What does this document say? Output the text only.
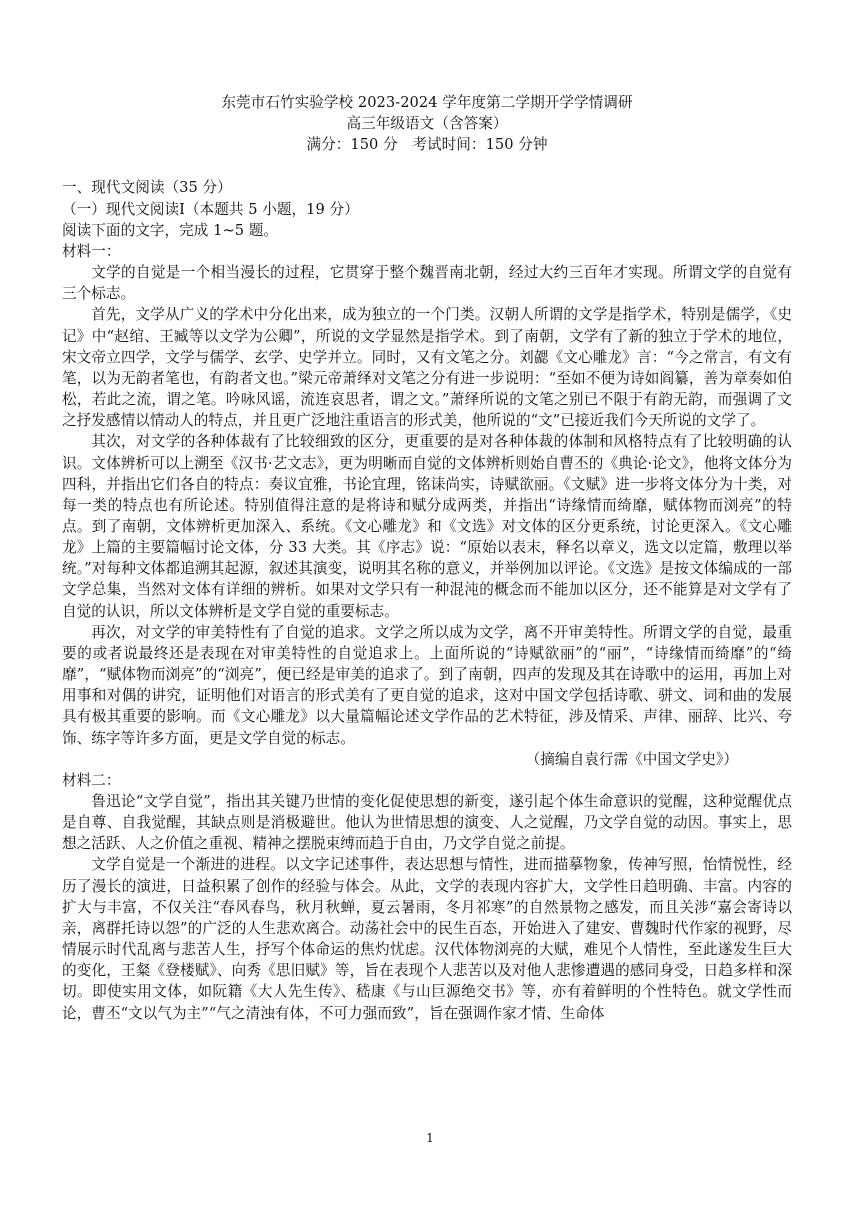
东莞市石竹实验学校 2023-2024 学年度第二学期开学学情调研

高三年级语文（含答案）

满分：150 分　考试时间：150 分钟

一、现代文阅读（35 分）

（一）现代文阅读Ⅰ（本题共 5 小题，19 分）

阅读下面的文字，完成 1~5 题。

材料一：

文学的自觉是一个相当漫长的过程，它贯穿于整个魏晋南北朝，经过大约三百年才实现。所谓文学的自觉有三个标志。

首先，文学从广义的学术中分化出来，成为独立的一个门类。汉朝人所谓的文学是指学术，特别是儒学，《史记》中“赵绾、王臧等以文学为公卿”，所说的文学显然是指学术。到了南朝，文学有了新的独立于学术的地位，宋文帝立四学，文学与儒学、玄学、史学并立。同时，又有文笔之分。刘勰《文心雕龙》言：“今之常言，有文有笔，以为无韵者笔也，有韵者文也。”梁元帝萧绎对文笔之分有进一步说明：“至如不便为诗如阎纂，善为章奏如伯松，若此之流，谓之笔。吟咏风谣，流连哀思者，谓之文。”萧绎所说的文笔之别已不限于有韵无韵，而强调了文之抒发感情以情动人的特点，并且更广泛地注重语言的形式美，他所说的“文”已接近我们今天所说的文学了。

其次，对文学的各种体裁有了比较细致的区分，更重要的是对各种体裁的体制和风格特点有了比较明确的认识。文体辨析可以上溯至《汉书·艺文志》，更为明晰而自觉的文体辨析则始自曹丕的《典论·论文》，他将文体分为四科，并指出它们各自的特点：奏议宜雅，书论宜理，铭诔尚实，诗赋欲丽。《文赋》进一步将文体分为十类，对每一类的特点也有所论述。特别值得注意的是将诗和赋分成两类，并指出“诗缘情而绮靡，赋体物而浏亮”的特点。到了南朝，文体辨析更加深入、系统。《文心雕龙》和《文选》对文体的区分更系统，讨论更深入。《文心雕龙》上篇的主要篇幅讨论文体，分 33 大类。其《序志》说：“原始以表末，释名以章义，选文以定篇，敷理以举统。”对每种文体都追溯其起源，叙述其演变，说明其名称的意义，并举例加以评论。《文选》是按文体编成的一部文学总集，当然对文体有详细的辨析。如果对文学只有一种混沌的概念而不能加以区分，还不能算是对文学有了自觉的认识，所以文体辨析是文学自觉的重要标志。

再次，对文学的审美特性有了自觉的追求。文学之所以成为文学，离不开审美特性。所谓文学的自觉，最重要的或者说最终还是表现在对审美特性的自觉追求上。上面所说的“诗赋欲丽”的“丽”，“诗缘情而绮靡”的“绮靡”，“赋体物而浏亮”的“浏亮”，便已经是审美的追求了。到了南朝，四声的发现及其在诗歌中的运用，再加上对用事和对偶的讲究，证明他们对语言的形式美有了更自觉的追求，这对中国文学包括诗歌、骈文、词和曲的发展具有极其重要的影响。而《文心雕龙》以大量篇幅论述文学作品的艺术特征，涉及情采、声律、丽辞、比兴、夸饰、练字等许多方面，更是文学自觉的标志。

（摘编自袁行霈《中国文学史》）

材料二：

鲁迅论“文学自觉”，指出其关键乃世情的变化促使思想的新变，遂引起个体生命意识的觉醒，这种觉醒优点是自尊、自我觉醒，其缺点则是消极避世。他认为世情思想的演变、人之觉醒，乃文学自觉的动因。事实上，思想之活跃、人之价值之重视、精神之摆脱束缚而趋于自由，乃文学自觉之前提。

文学自觉是一个渐进的进程。以文字记述事件，表达思想与情性，进而描摹物象，传神写照，怡情悦性，经历了漫长的演进，日益积累了创作的经验与体会。从此，文学的表现内容扩大，文学性日趋明确、丰富。内容的扩大与丰富，不仅关注“春风春鸟，秋月秋蝉，夏云暑雨，冬月祁寒”的自然景物之感发，而且关涉“嘉会寄诗以亲，离群托诗以怨”的广泛的人生悲欢离合。动荡社会中的民生百态，开始进入了建安、曹魏时代作家的视野，尽情展示时代乱离与悲苦人生，抒写个体命运的焦灼忧虑。汉代体物浏亮的大赋，难见个人情性，至此遂发生巨大的变化，王粲《登楼赋》、向秀《思旧赋》等，旨在表现个人悲苦以及对他人悲惨遭遇的感同身受，日趋多样和深切。即使实用文体，如阮籍《大人先生传》、嵇康《与山巨源绝交书》等，亦有着鲜明的个性特色。就文学性而论，曹丕“文以气为主”“气之清浊有体，不可力强而致”，旨在强调作家才情、生命体

1
